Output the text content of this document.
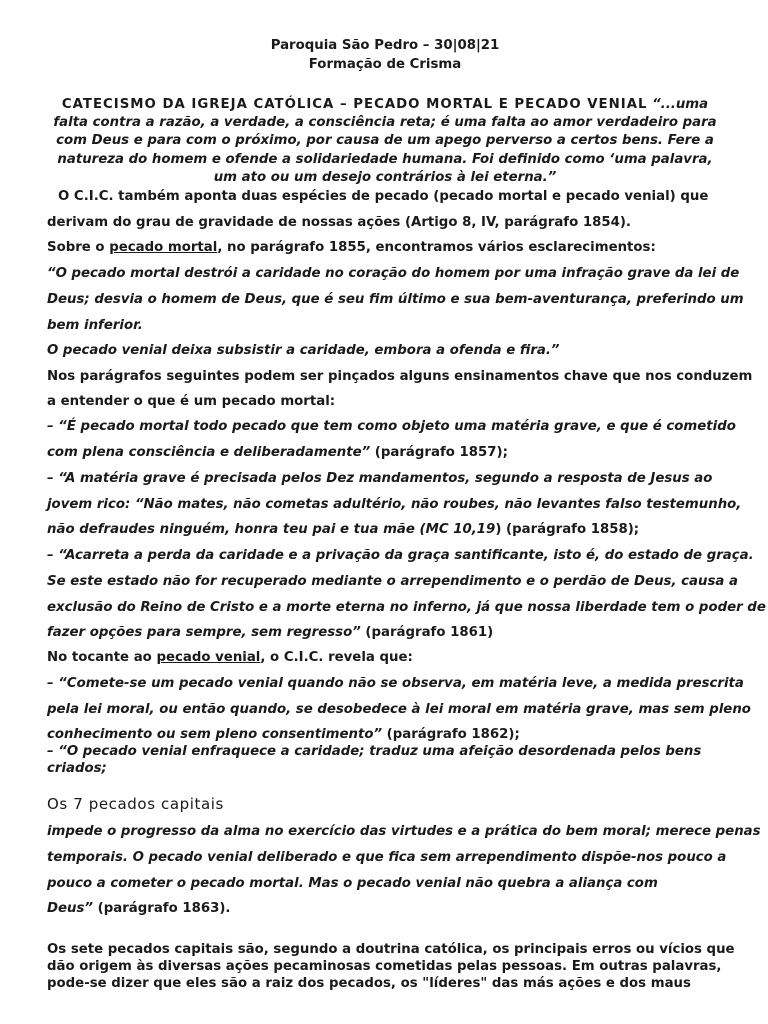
Paroquia São Pedro – 30|08|21
Formação de Crisma
CATECISMO DA IGREJA CATÓLICA – PECADO MORTAL E PECADO VENIAL “...uma falta contra a razão, a verdade, a consciência reta; é uma falta ao amor verdadeiro para com Deus e para com o próximo, por causa de um apego perverso a certos bens. Fere a natureza do homem e ofende a solidariedade humana. Foi definido como ‘uma palavra, um ato ou um desejo contrários à lei eterna.”
O C.I.C. também aponta duas espécies de pecado (pecado mortal e pecado venial) que
derivam do grau de gravidade de nossas ações (Artigo 8, IV, parágrafo 1854).
Sobre o pecado mortal, no parágrafo 1855, encontramos vários esclarecimentos:
“O pecado mortal destrói a caridade no coração do homem por uma infração grave da lei de
Deus; desvia o homem de Deus, que é seu fim último e sua bem-aventurança, preferindo um
bem inferior.
O pecado venial deixa subsistir a caridade, embora a ofenda e fira.”
Nos parágrafos seguintes podem ser pinçados alguns ensinamentos chave que nos conduzem
a entender o que é um pecado mortal:
– “É pecado mortal todo pecado que tem como objeto uma matéria grave, e que é cometido
com plena consciência e deliberadamente” (parágrafo 1857);
– “A matéria grave é precisada pelos Dez mandamentos, segundo a resposta de Jesus ao
jovem rico: “Não mates, não cometas adultério, não roubes, não levantes falso testemunho,
não defraudes ninguém, honra teu pai e tua mãe (MC 10,19) (parágrafo 1858);
– “Acarreta a perda da caridade e a privação da graça santificante, isto é, do estado de graça.
Se este estado não for recuperado mediante o arrependimento e o perdão de Deus, causa a
exclusão do Reino de Cristo e a morte eterna no inferno, já que nossa liberdade tem o poder de
fazer opções para sempre, sem regresso” (parágrafo 1861)
No tocante ao pecado venial, o C.I.C. revela que:
– “Comete-se um pecado venial quando não se observa, em matéria leve, a medida prescrita
pela lei moral, ou então quando, se desobedece à lei moral em matéria grave, mas sem pleno
conhecimento ou sem pleno consentimento” (parágrafo 1862);
– “O pecado venial enfraquece a caridade; traduz uma afeição desordenada pelos bens
criados;
Os 7 pecados capitais
impede o progresso da alma no exercício das virtudes e a prática do bem moral; merece penas
temporais. O pecado venial deliberado e que fica sem arrependimento dispõe-nos pouco a
pouco a cometer o pecado mortal. Mas o pecado venial não quebra a aliança com
Deus” (parágrafo 1863).
Os sete pecados capitais são, segundo a doutrina católica, os principais erros ou vícios que
dão origem às diversas ações pecaminosas cometidas pelas pessoas. Em outras palavras,
pode-se dizer que eles são a raiz dos pecados, os "líderes" das más ações e dos maus
